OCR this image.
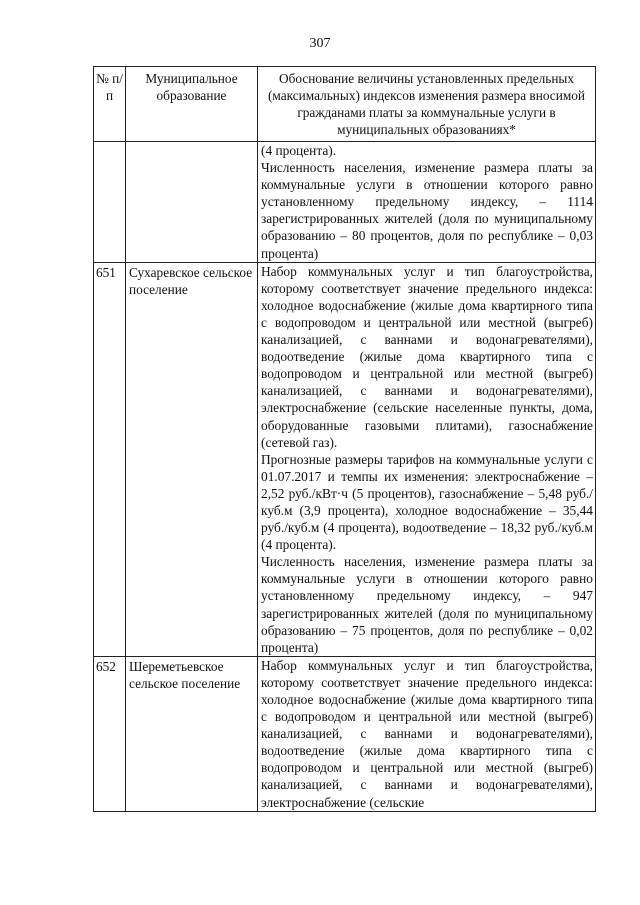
307
№ п/п	Муниципальное образование	Обоснование величины установленных предельных (максимальных) индексов изменения размера вносимой гражданами платы за коммунальные услуги в муниципальных образованиях*

		(4 процента).

Численность населения, изменение размера платы за коммунальные услуги в отношении которого равно установленному предельному индексу, – 1114 зарегистрированных жителей (доля по муниципальному образованию – 80 процентов, доля по республике – 0,03 процента)

651	Сухаревское сельское поселение	Набор коммунальных услуг и тип благоустройства, которому соответствует значение предельного индекса: холодное водоснабжение (жилые дома квартирного типа с водопроводом и центральной или местной (выгреб) канализацией, с ваннами и водонагревателями), водоотведение (жилые дома квартирного типа с водопроводом и центральной или местной (выгреб) канализацией, с ваннами и водонагревателями), электроснабжение (сельские населенные пункты, дома, оборудованные газовыми плитами), газоснабжение (сетевой газ).

Прогнозные размеры тарифов на коммунальные услуги с 01.07.2017 и темпы их изменения: электроснабжение – 2,52 руб./кВт·ч (5 процентов), газоснабжение – 5,48 руб./куб.м (3,9 процента), холодное водоснабжение – 35,44 руб./куб.м (4 процента), водоотведение – 18,32 руб./куб.м (4 процента).

Численность населения, изменение размера платы за коммунальные услуги в отношении которого равно установленному предельному индексу, – 947 зарегистрированных жителей (доля по муниципальному образованию – 75 процентов, доля по республике – 0,02 процента)

652	Шереметьевское сельское поселение	Набор коммунальных услуг и тип благоустройства, которому соответствует значение предельного индекса: холодное водоснабжение (жилые дома квартирного типа с водопроводом и центральной или местной (выгреб) канализацией, с ваннами и водонагревателями), водоотведение (жилые дома квартирного типа с водопроводом и центральной или местной (выгреб) канализацией, с ваннами и водонагревателями), электроснабжение (сельские
